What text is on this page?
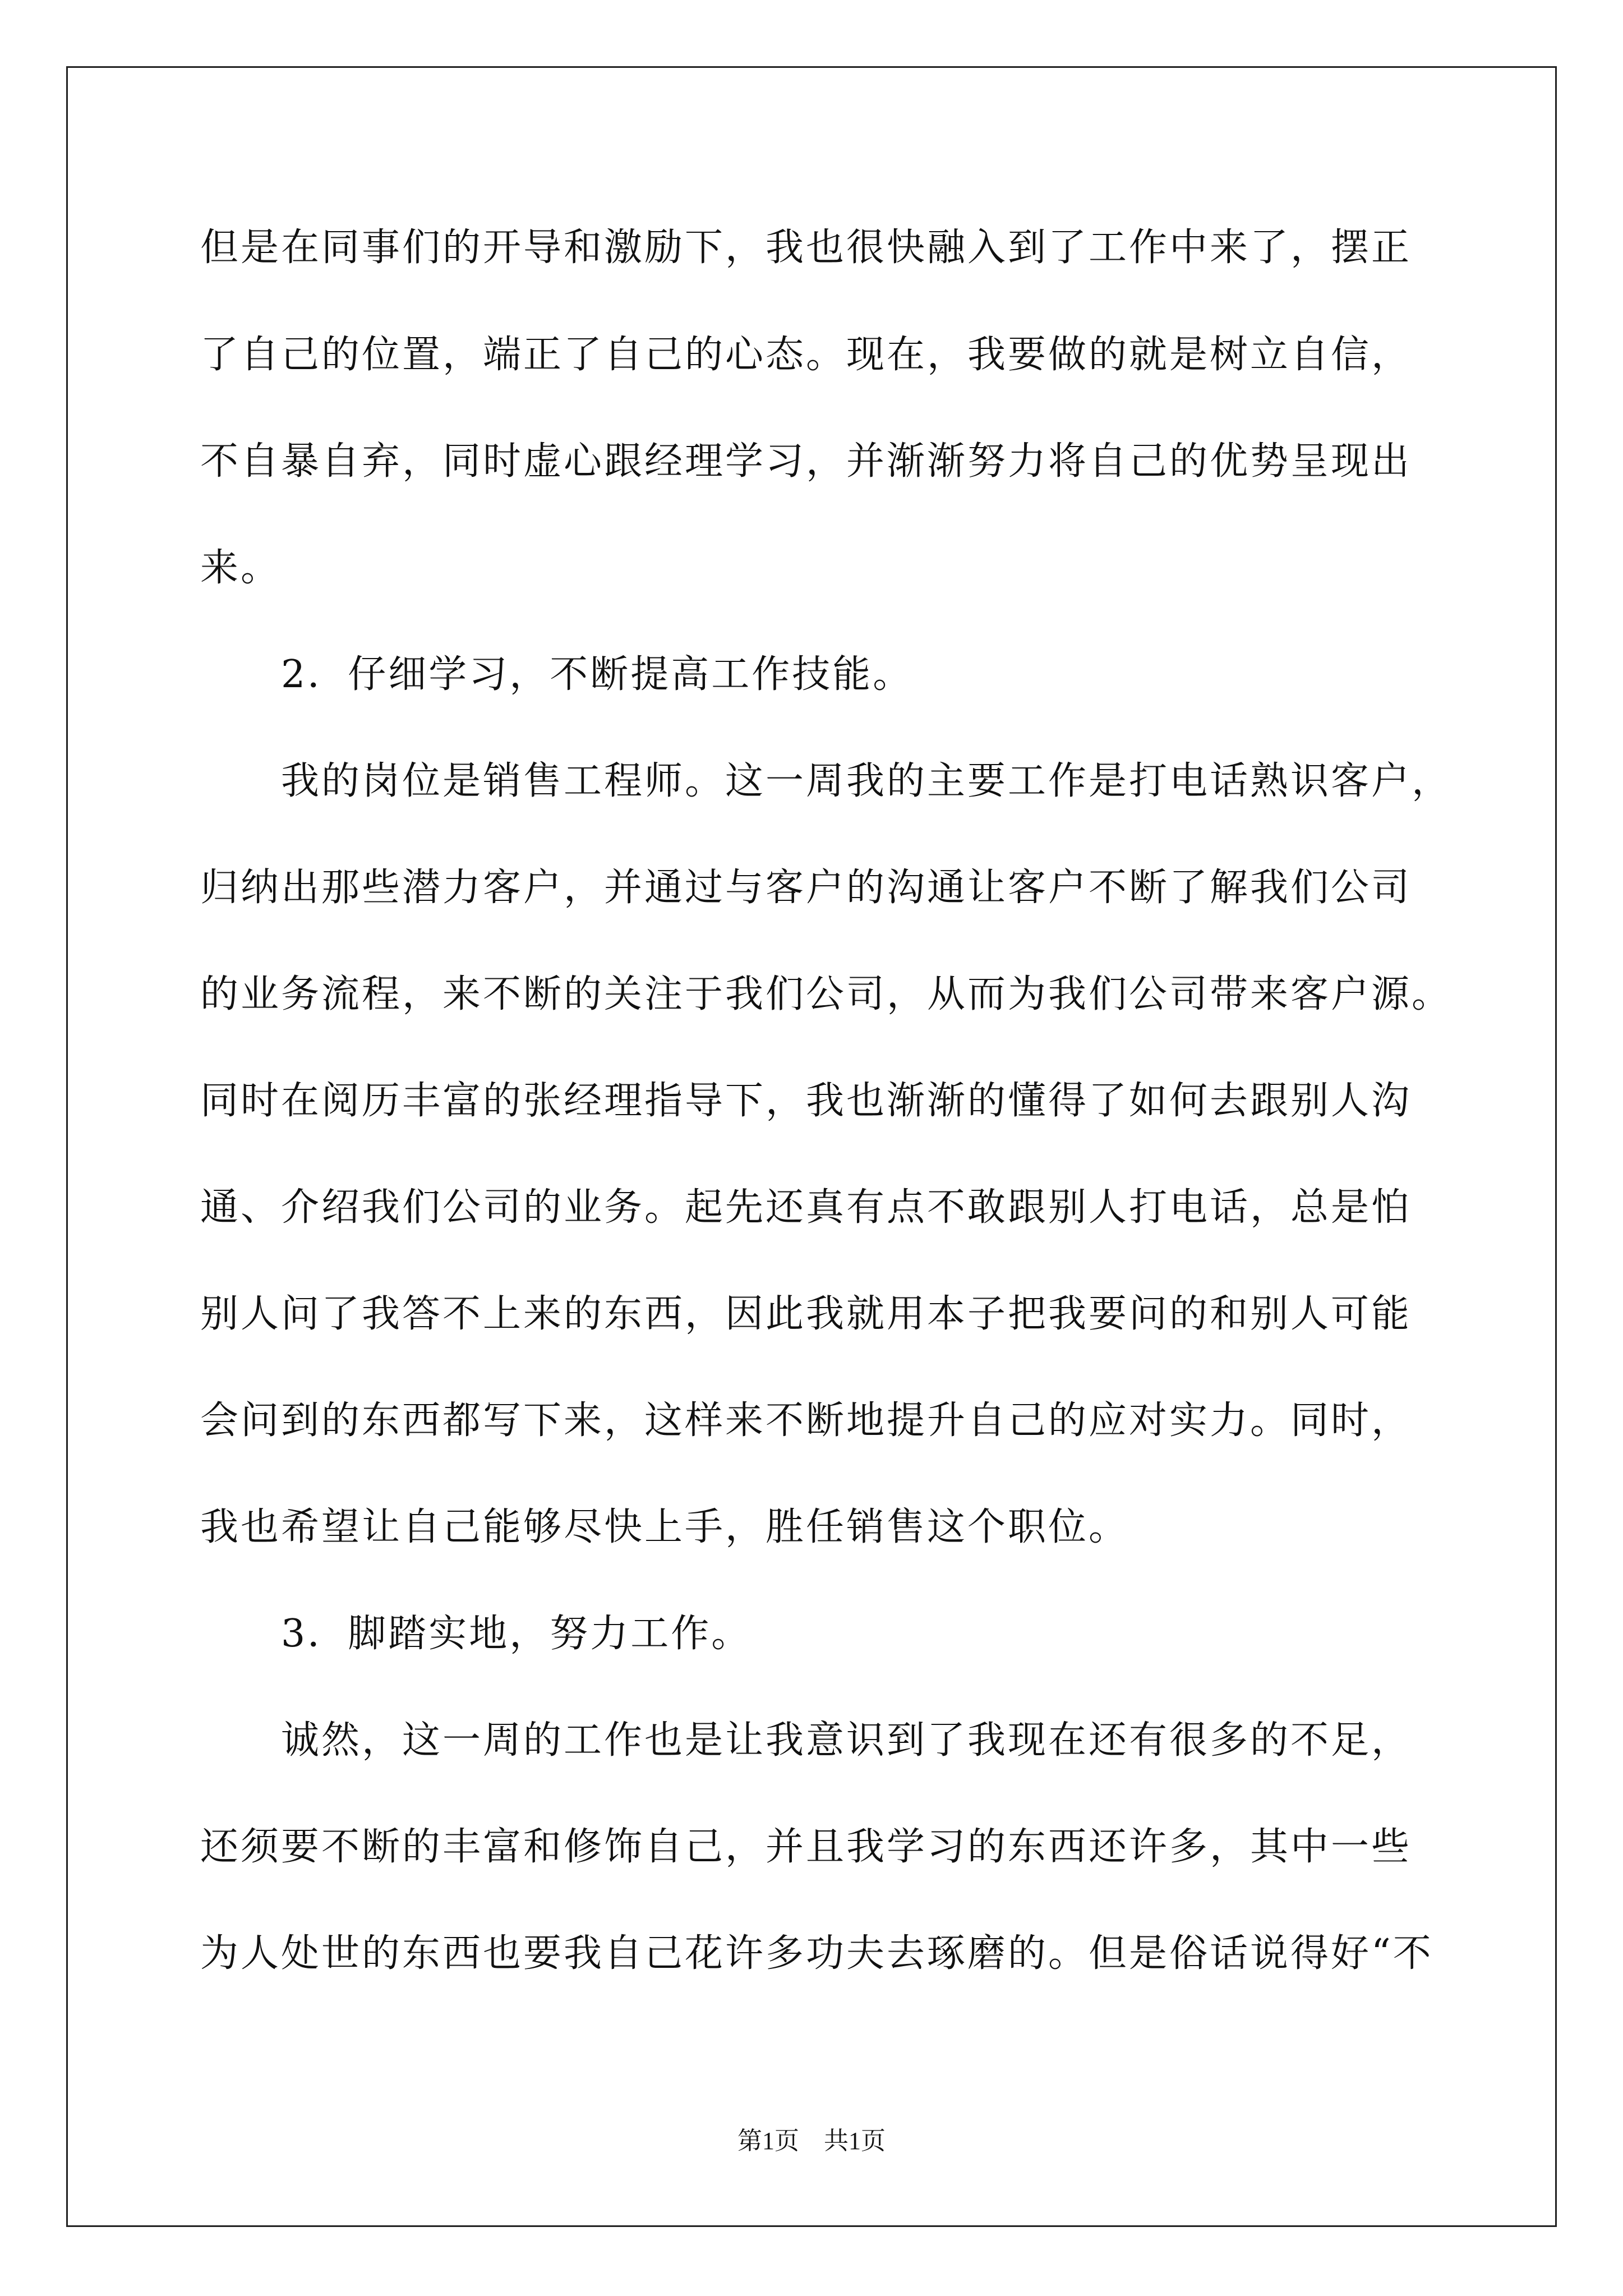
但是在同事们的开导和激励下，我也很快融入到了工作中来了，摆正
了自己的位置，端正了自己的心态。现在，我要做的就是树立自信，
不自暴自弃，同时虚心跟经理学习，并渐渐努力将自己的优势呈现出
来。
　　2．仔细学习，不断提高工作技能。
　　我的岗位是销售工程师。这一周我的主要工作是打电话熟识客户，
归纳出那些潜力客户，并通过与客户的沟通让客户不断了解我们公司
的业务流程，来不断的关注于我们公司，从而为我们公司带来客户源。
同时在阅历丰富的张经理指导下，我也渐渐的懂得了如何去跟别人沟
通、介绍我们公司的业务。起先还真有点不敢跟别人打电话，总是怕
别人问了我答不上来的东西，因此我就用本子把我要问的和别人可能
会问到的东西都写下来，这样来不断地提升自己的应对实力。同时，
我也希望让自己能够尽快上手，胜任销售这个职位。
　　3．脚踏实地，努力工作。
　　诚然，这一周的工作也是让我意识到了我现在还有很多的不足，
还须要不断的丰富和修饰自己，并且我学习的东西还许多，其中一些
为人处世的东西也要我自己花许多功夫去琢磨的。但是俗话说得好“不
第1页　共1页
